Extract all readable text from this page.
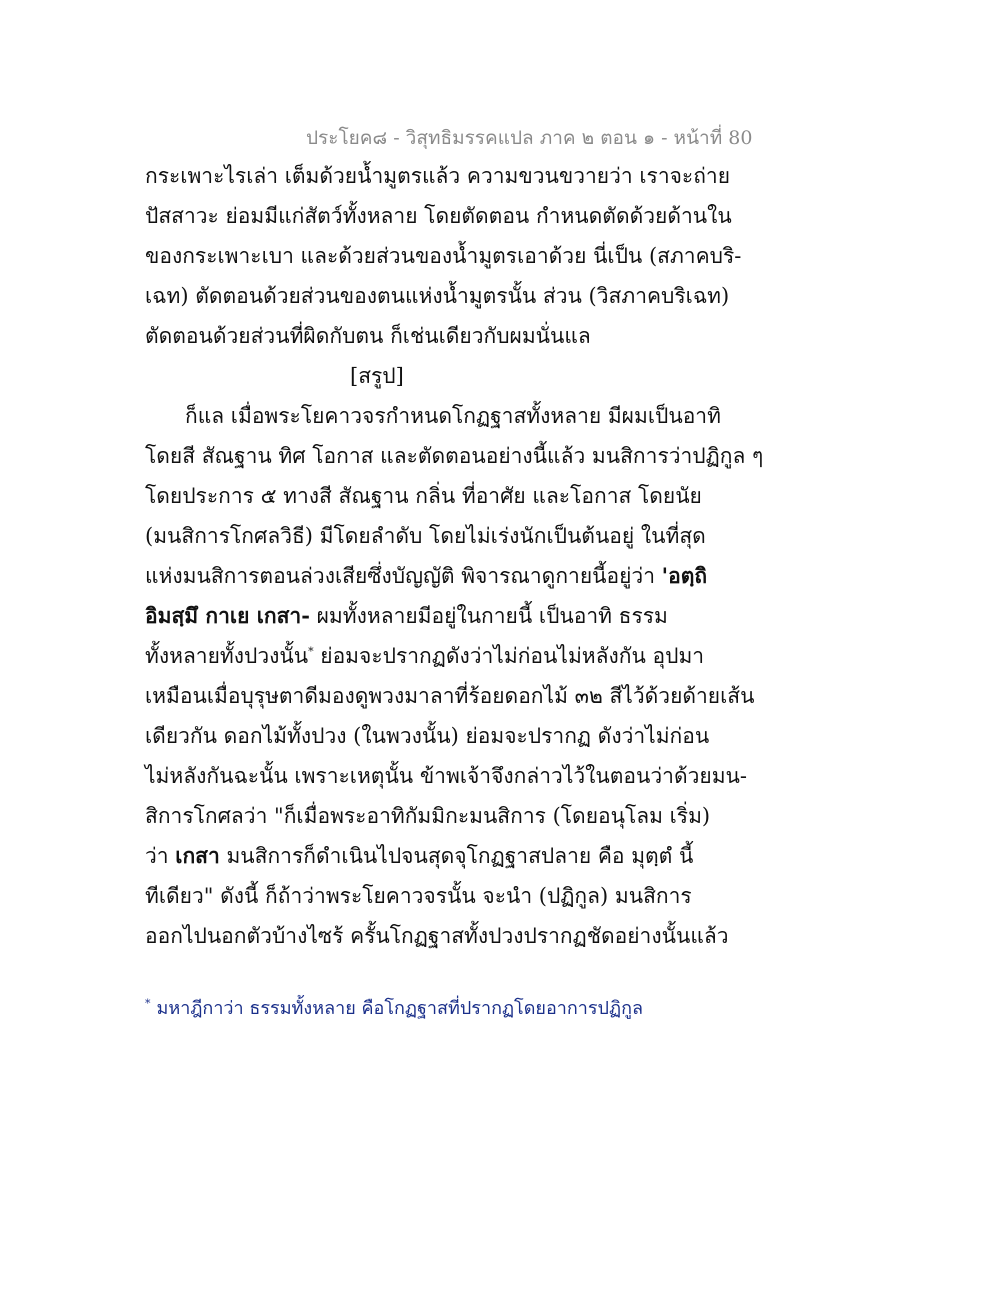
ประโยค๘ - วิสุทธิมรรคแปล ภาค ๒ ตอน ๑ - หน้าที่ 80
กระเพาะไรเล่า เต็มด้วยน้ำมูตรแล้ว ความขวนขวายว่า เราจะถ่าย
ปัสสาวะ ย่อมมีแก่สัตว์ทั้งหลาย โดยตัดตอน กำหนดตัดด้วยด้านใน
ของกระเพาะเบา และด้วยส่วนของน้ำมูตรเอาด้วย นี่เป็น (สภาคบริ-
เฉท) ตัดตอนด้วยส่วนของตนแห่งน้ำมูตรนั้น ส่วน (วิสภาคบริเฉท)
ตัดตอนด้วยส่วนที่ผิดกับตน ก็เช่นเดียวกับผมนั่นแล
[สรูป]
ก็แล เมื่อพระโยคาวจรกำหนดโกฏฐาสทั้งหลาย มีผมเป็นอาทิ
โดยสี สัณฐาน ทิศ โอกาส และตัดตอนอย่างนี้แล้ว มนสิการว่าปฏิกูล ๆ
โดยประการ ๕ ทางสี สัณฐาน กลิ่น ที่อาศัย และโอกาส โดยนัย
(มนสิการโกศลวิธี) มีโดยลำดับ โดยไม่เร่งนักเป็นต้นอยู่ ในที่สุด
แห่งมนสิการตอนล่วงเสียซึ่งบัญญัติ พิจารณาดูกายนี้อยู่ว่า 'อตฺถิ
อิมสฺมึ กาเย เกสา- ผมทั้งหลายมีอยู่ในกายนี้ เป็นอาทิ ธรรม
ทั้งหลายทั้งปวงนั้น* ย่อมจะปรากฏดังว่าไม่ก่อนไม่หลังกัน อุปมา
เหมือนเมื่อบุรุษตาดีมองดูพวงมาลาที่ร้อยดอกไม้ ๓๒ สีไว้ด้วยด้ายเส้น
เดียวกัน ดอกไม้ทั้งปวง (ในพวงนั้น) ย่อมจะปรากฏ ดังว่าไม่ก่อน
ไม่หลังกันฉะนั้น เพราะเหตุนั้น ข้าพเจ้าจึงกล่าวไว้ในตอนว่าด้วยมน-
สิการโกศลว่า "ก็เมื่อพระอาทิกัมมิกะมนสิการ (โดยอนุโลม เริ่ม)
ว่า เกสา มนสิการก็ดำเนินไปจนสุดจุโกฏฐาสปลาย คือ มุตฺตํ นี้
ทีเดียว" ดังนี้ ก็ถ้าว่าพระโยคาวจรนั้น จะนำ (ปฏิกูล) มนสิการ
ออกไปนอกตัวบ้างไซร้ ครั้นโกฏฐาสทั้งปวงปรากฏชัดอย่างนั้นแล้ว
* มหาฎีกาว่า ธรรมทั้งหลาย คือโกฏฐาสที่ปรากฏโดยอาการปฏิกูล
